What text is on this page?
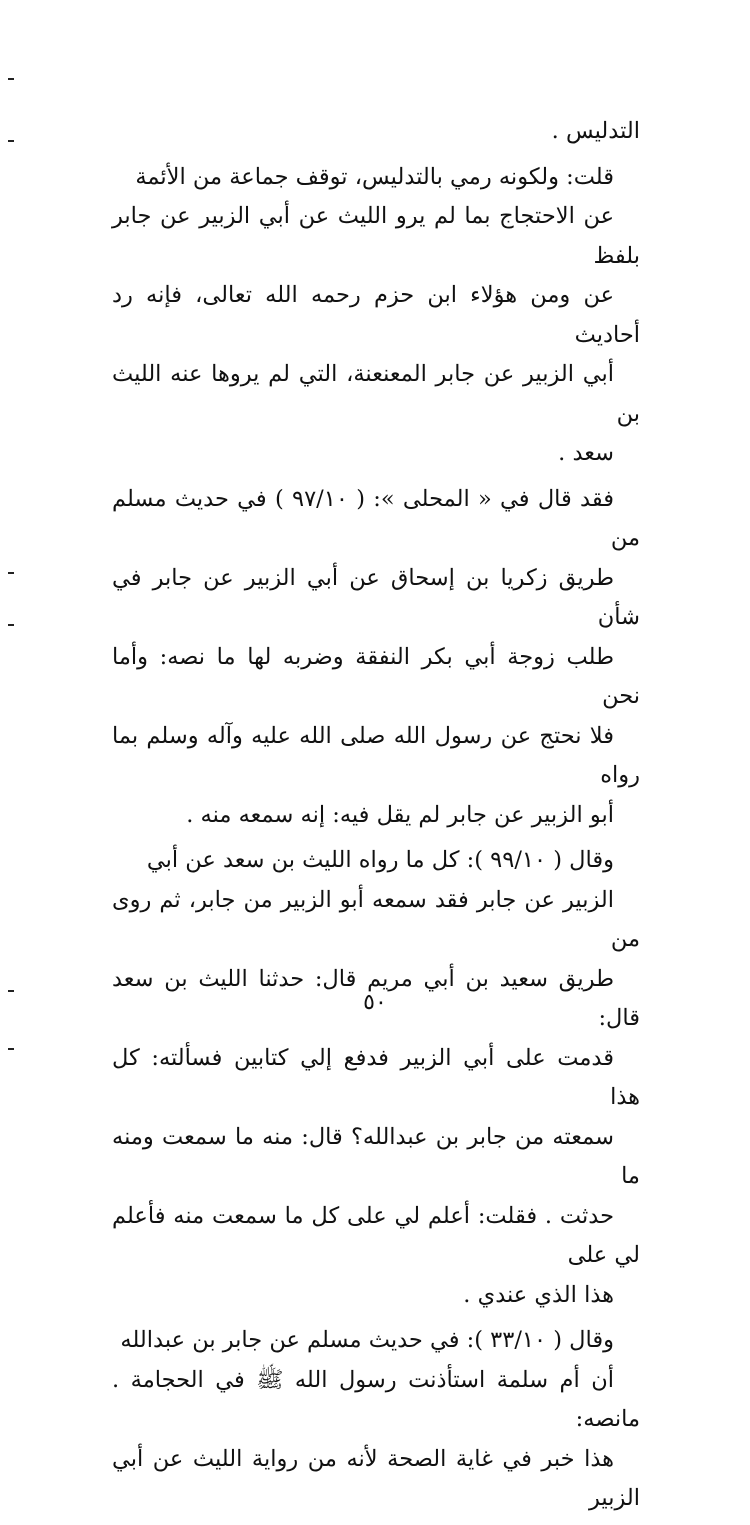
التدليس .

قلت: ولكونه رمي بالتدليس، توقف جماعة من الأئمة
عن الاحتجاج بما لم يرو الليث عن أبي الزبير عن جابر بلفظ
عن ومن هؤلاء ابن حزم رحمه الله تعالى، فإنه رد أحاديث
أبي الزبير عن جابر المعنعنة، التي لم يروها عنه الليث بن
سعد .

فقد قال في « المحلى »: ( ٩٧/١٠ ) في حديث مسلم من
طريق زكريا بن إسحاق عن أبي الزبير عن جابر في شأن
طلب زوجة أبي بكر النفقة وضربه لها ما نصه: وأما نحن
فلا نحتج عن رسول الله صلى الله عليه وآله وسلم بما رواه
أبو الزبير عن جابر لم يقل فيه: إنه سمعه منه .

وقال ( ٩٩/١٠ ): كل ما رواه الليث بن سعد عن أبي
الزبير عن جابر فقد سمعه أبو الزبير من جابر، ثم روى من
طريق سعيد بن أبي مريم قال: حدثنا الليث بن سعد قال:
قدمت على أبي الزبير فدفع إلي كتابين فسألته: كل هذا
سمعته من جابر بن عبدالله؟ قال: منه ما سمعت ومنه ما
حدثت . فقلت: أعلم لي على كل ما سمعت منه فأعلم لي على
هذا الذي عندي .

وقال ( ٣٣/١٠ ): في حديث مسلم عن جابر بن عبدالله
أن أم سلمة استأذنت رسول الله ﷺ في الحجامة . مانصه:
هذا خبر في غاية الصحة لأنه من رواية الليث عن أبي الزبير

٥٠
